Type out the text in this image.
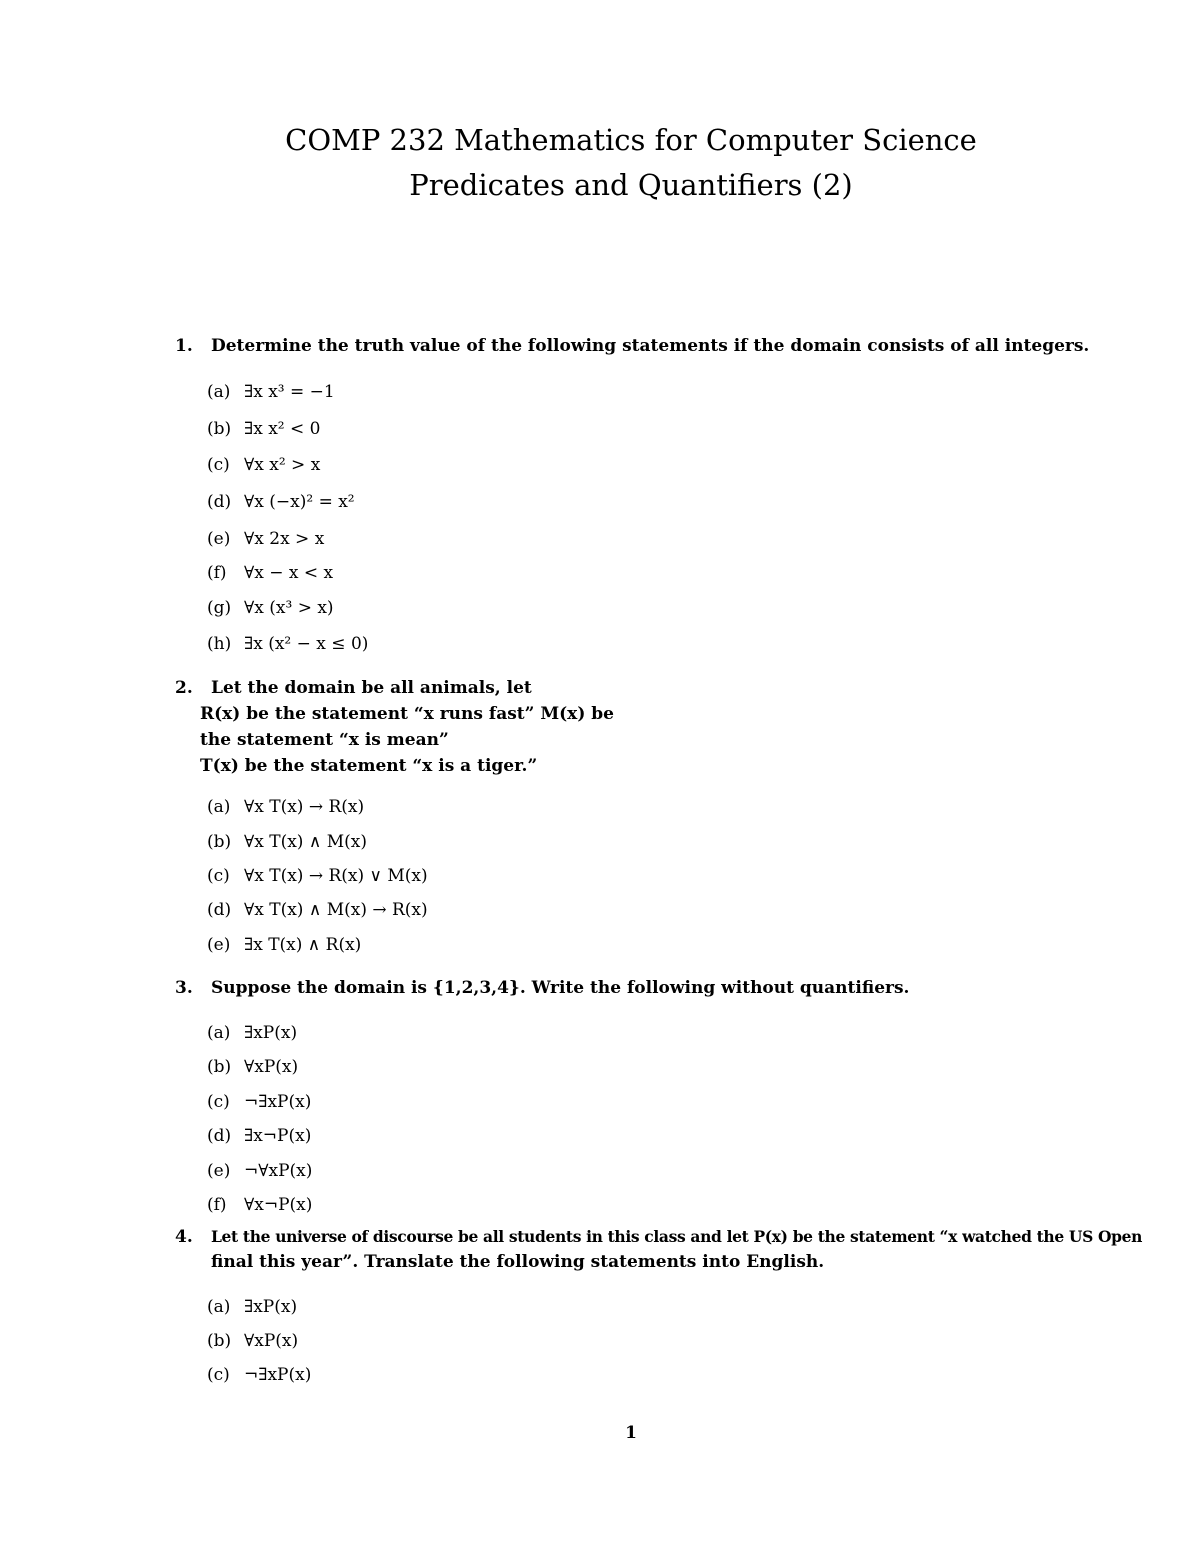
COMP 232 Mathematics for Computer Science
Predicates and Quantifiers (2)
1. Determine the truth value of the following statements if the domain consists of all integers.
(a) ∃x x³ = −1
(b) ∃x x² < 0
(c) ∀x x² > x
(d) ∀x (−x)² = x²
(e) ∀x 2x > x
(f) ∀x − x < x
(g) ∀x (x³ > x)
(h) ∃x (x² − x ≤ 0)
2. Let the domain be all animals, let
R(x) be the statement “x runs fast” M(x) be
the statement “x is mean”
T(x) be the statement “x is a tiger.”
(a) ∀x T(x) → R(x)
(b) ∀x T(x) ∧ M(x)
(c) ∀x T(x) → R(x) ∨ M(x)
(d) ∀x T(x) ∧ M(x) → R(x)
(e) ∃x T(x) ∧ R(x)
3. Suppose the domain is {1,2,3,4}. Write the following without quantifiers.
(a) ∃xP(x)
(b) ∀xP(x)
(c) ¬∃xP(x)
(d) ∃x¬P(x)
(e) ¬∀xP(x)
(f) ∀x¬P(x)
4. Let the universe of discourse be all students in this class and let P(x) be the statement “x watched the US Open
final this year”. Translate the following statements into English.
(a) ∃xP(x)
(b) ∀xP(x)
(c) ¬∃xP(x)
1
